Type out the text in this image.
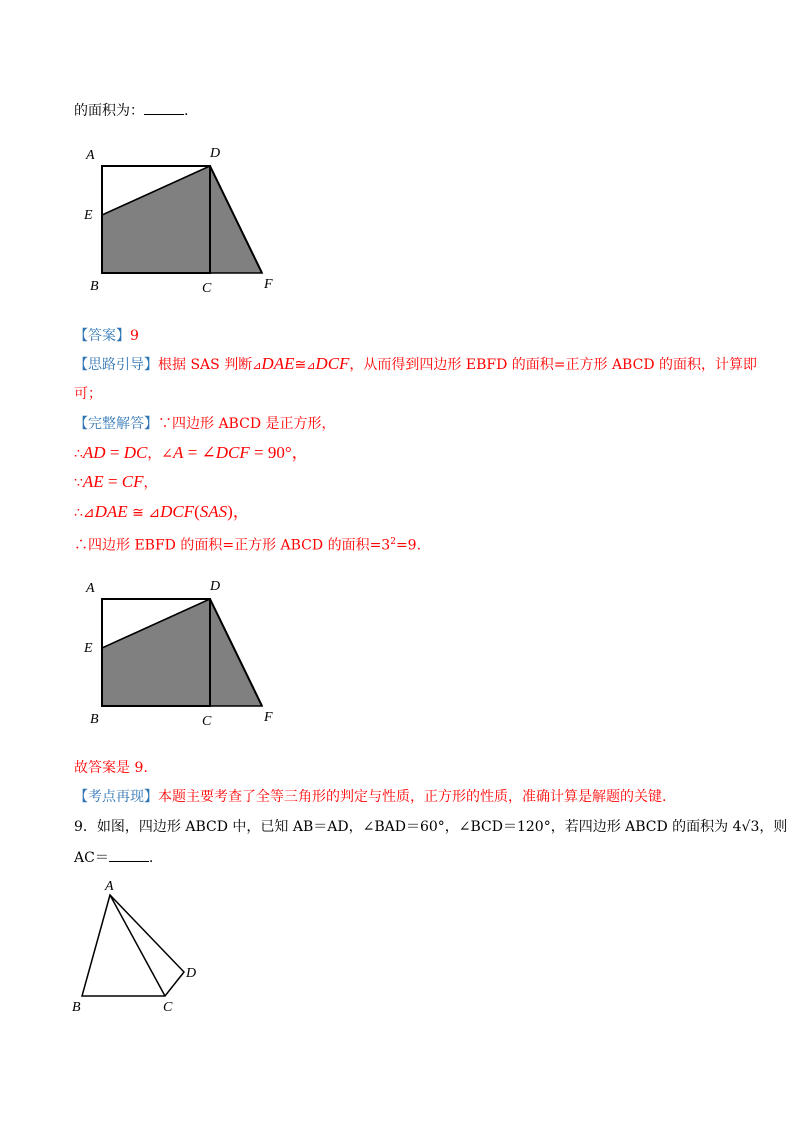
的面积为：	.
A	D
E
B	C	F
【答案】9
【思路引导】根据 SAS 判断⊿DAE≅⊿DCF，从而得到四边形 EBFD 的面积=正方形 ABCD 的面积，计算即
可；
【完整解答】∵四边形 ABCD 是正方形，
∴AD = DC，∠A = ∠DCF = 90°，
∵AE = CF，
∴⊿DAE ≅ ⊿DCF(SAS)，
∴四边形 EBFD 的面积=正方形 ABCD 的面积$=3^2=9$.
A	D
E
B	C	F
故答案是 9.
【考点再现】本题主要考查了全等三角形的判定与性质，正方形的性质，准确计算是解题的关键.
9．如图，四边形 ABCD 中，已知 AB＝AD，∠BAD＝60°，∠BCD＝120°，若四边形 ABCD 的面积为 4√3，则
AC＝	.
A
B	C
D
